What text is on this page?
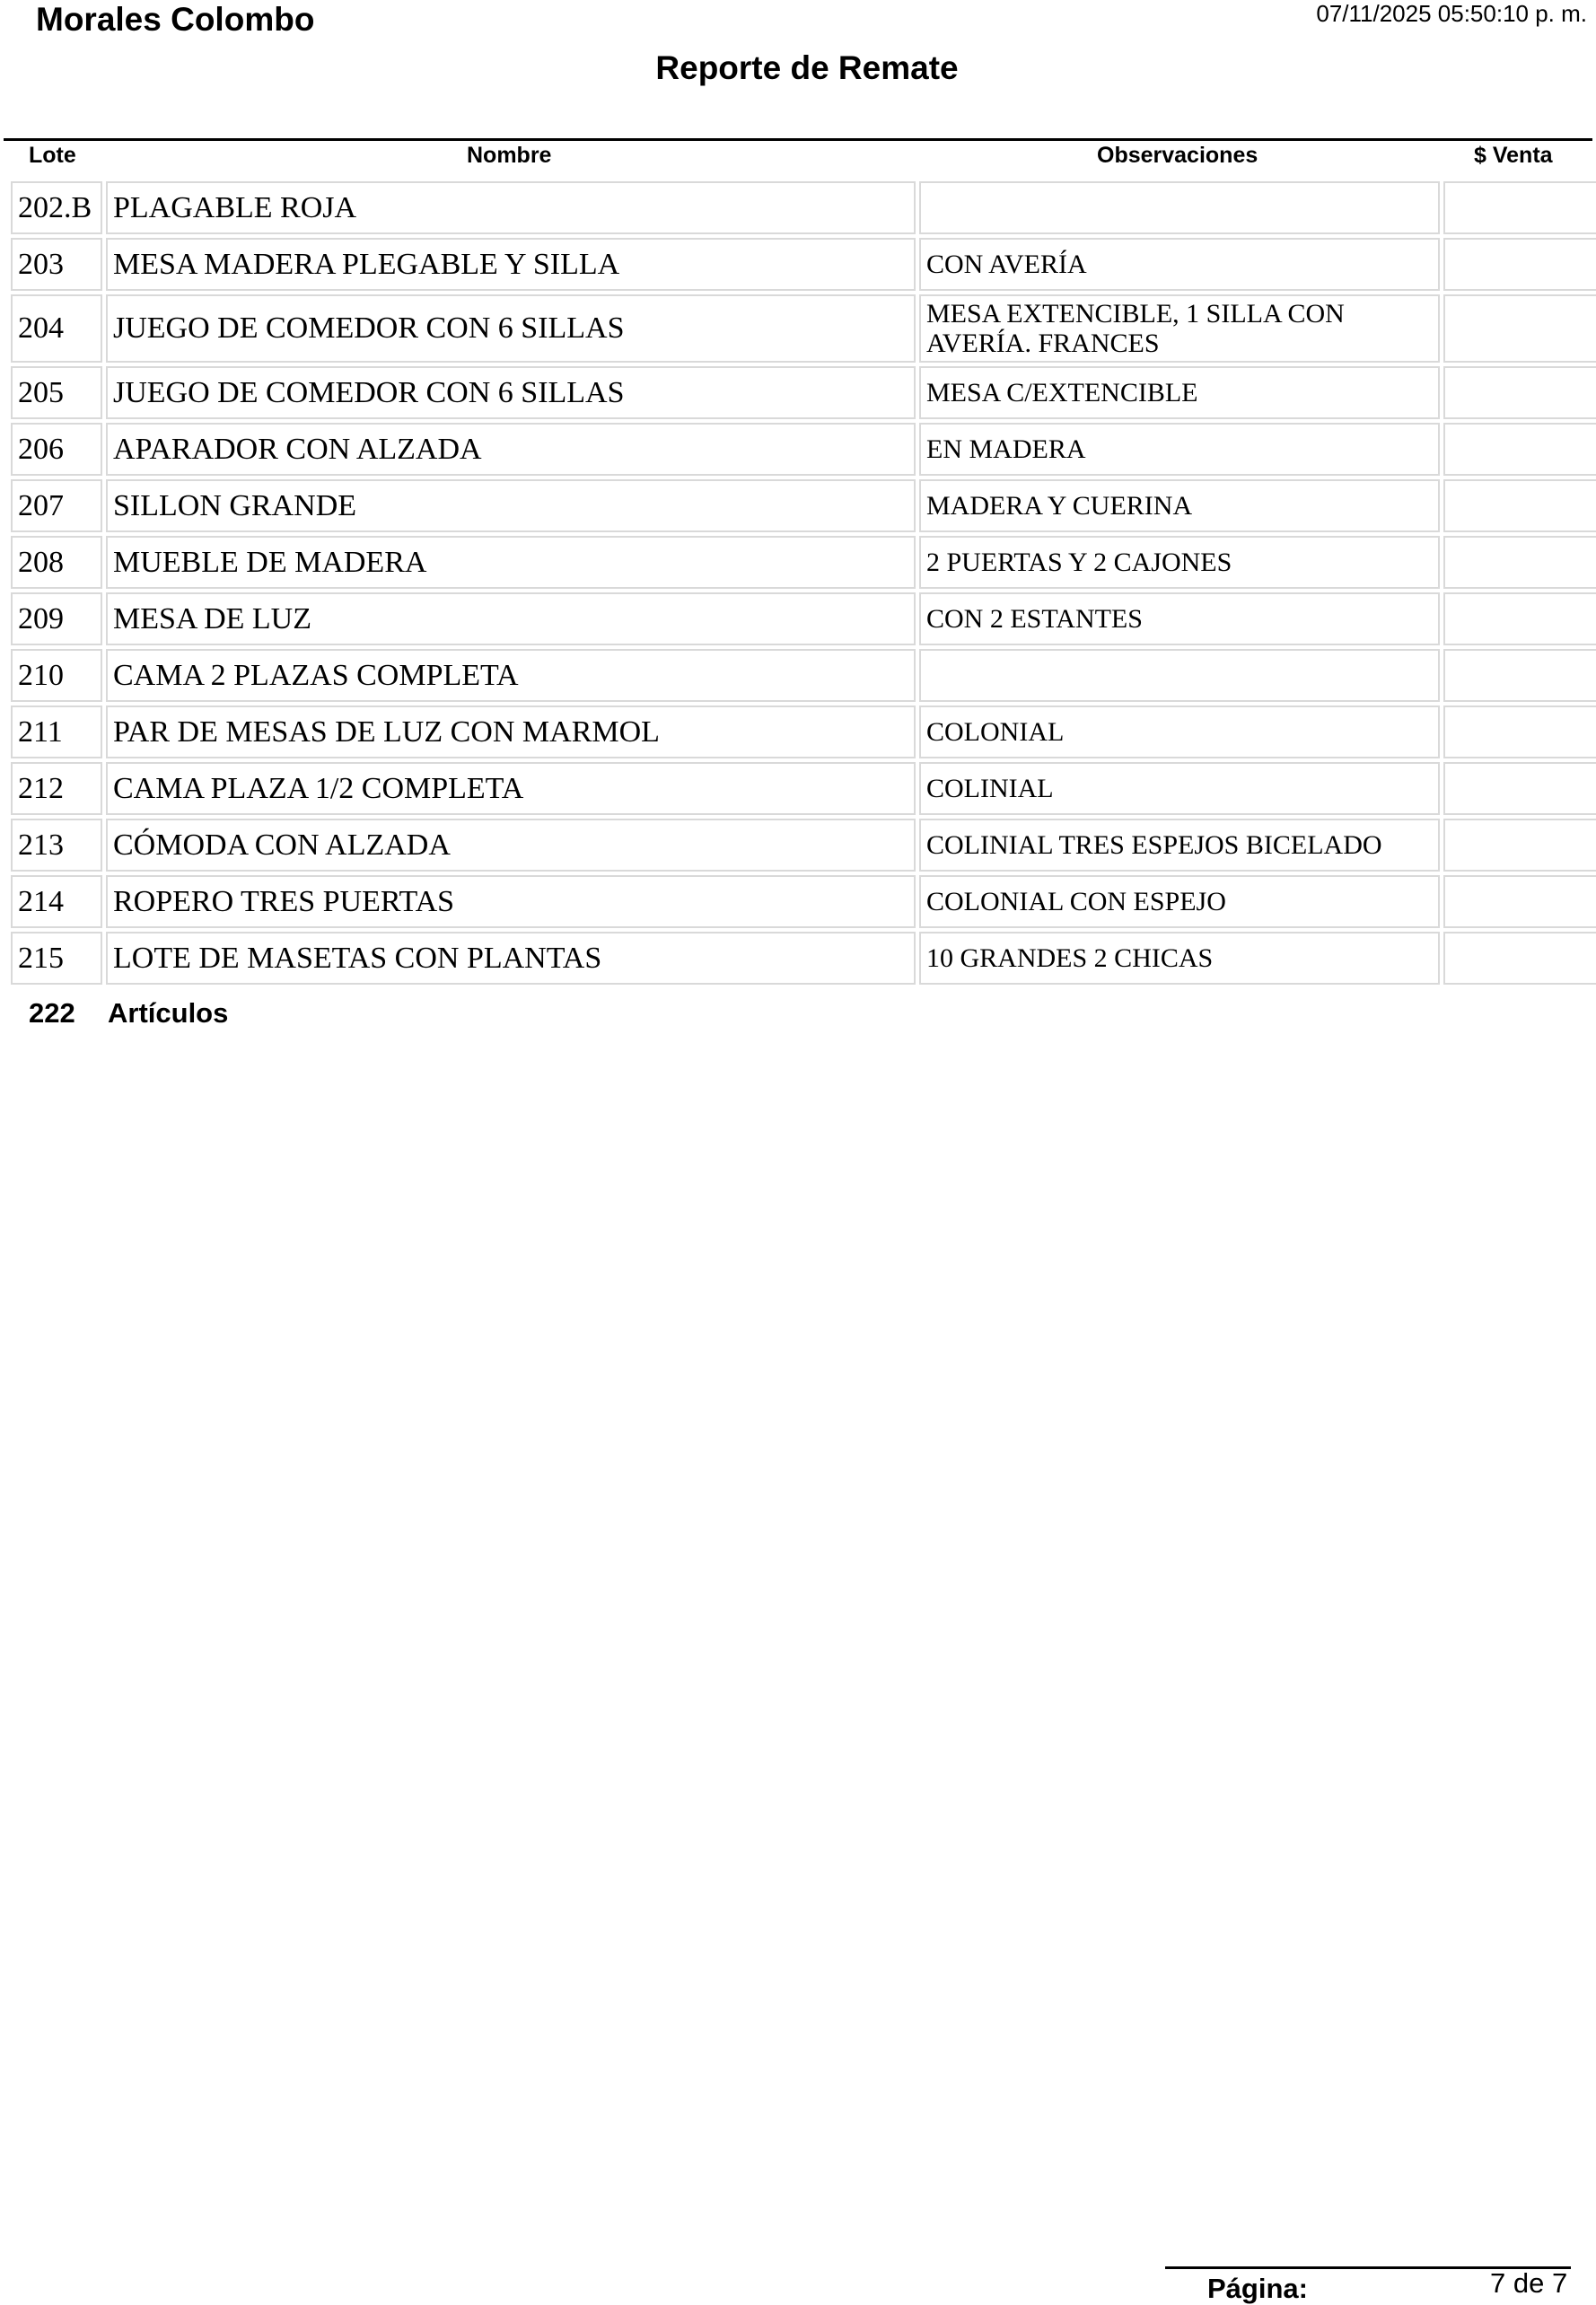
Morales Colombo	07/11/2025 05:50:10 p. m.
Reporte de Remate
Lote	Nombre	Observaciones	$ Venta
202.B	PLAGABLE ROJA		
203	MESA MADERA PLEGABLE Y SILLA	CON AVERÍA	
204	JUEGO DE COMEDOR CON 6 SILLAS	MESA EXTENCIBLE, 1 SILLA CON AVERÍA. FRANCES	
205	JUEGO DE COMEDOR CON 6 SILLAS	MESA C/EXTENCIBLE	
206	APARADOR CON ALZADA	EN MADERA	
207	SILLON GRANDE	MADERA Y CUERINA	
208	MUEBLE DE MADERA	2 PUERTAS Y 2 CAJONES	
209	MESA DE LUZ	CON 2 ESTANTES	
210	CAMA 2 PLAZAS COMPLETA		
211	PAR DE MESAS DE LUZ CON MARMOL	COLONIAL	
212	CAMA PLAZA 1/2 COMPLETA	COLINIAL	
213	CÓMODA CON ALZADA	COLINIAL TRES ESPEJOS BICELADO	
214	ROPERO TRES PUERTAS	COLONIAL CON ESPEJO	
215	LOTE DE MASETAS CON PLANTAS	10 GRANDES 2 CHICAS	
222 Artículos
Página:	7 de 7
